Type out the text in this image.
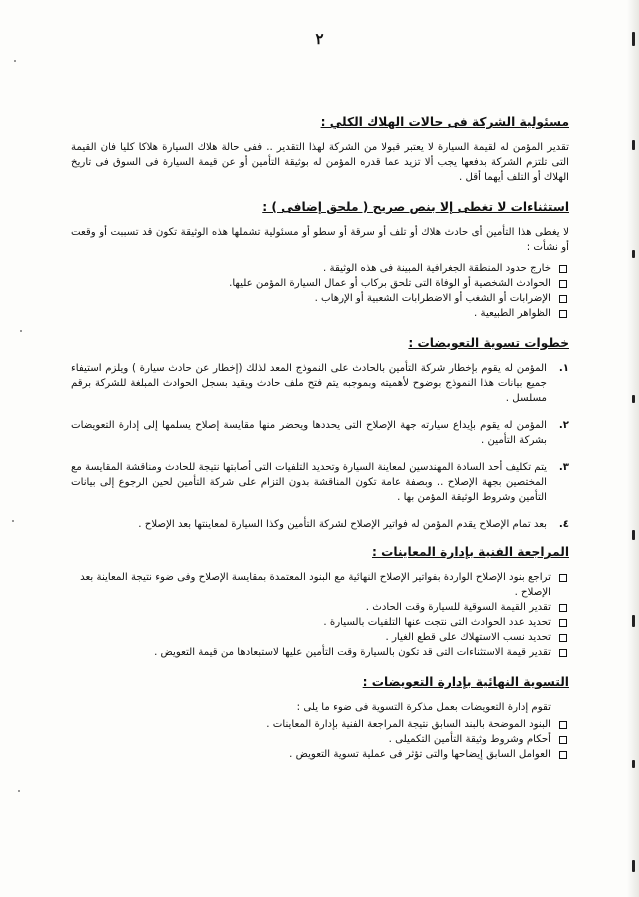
٢
مسئولية الشركة فى حالات الهلاك الكلي :

تقدير المؤمن له لقيمة السيارة لا يعتبر قبولا من الشركة لهذا التقدير .. ففى حالة هلاك السيارة هلاكا كليا فان القيمة التى تلتزم الشركة بدفعها يجب ألا تزيد عما قدره المؤمن له بوثيقة التأمين أو عن قيمة السيارة فى السوق فى تاريخ الهلاك أو التلف أيهما أقل .

استثناءات لا تغطى إلا بنص صريح ( ملحق إضافى ) :

لا يغطى هذا التأمين أى حادث هلاك أو تلف أو سرقة أو سطو أو مسئولية تشملها هذه الوثيقة تكون قد تسببت أو وقعت أو نشأت :

خارج حدود المنطقة الجغرافية المبينة فى هذه الوثيقة .
الحوادث الشخصية أو الوفاة التى تلحق بركاب أو عمال السيارة المؤمن عليها.
الإضرابات أو الشغب أو الاضطرابات الشعبية أو الإرهاب .
الظواهر الطبيعية .
خطوات تسوية التعويضات :
١.
المؤمن له يقوم بإخطار شركة التأمين بالحادث على النموذج المعد لذلك (إخطار عن حادث سيارة ) ويلزم استيفاء جميع بيانات هذا النموذج بوضوح لأهميته وبموجبه يتم فتح ملف حادث ويقيد بسجل الحوادث المبلغة للشركة برقم مسلسل .
٢.
المؤمن له يقوم بإيداع سيارته جهة الإصلاح التى يحددها ويحضر منها مقايسة إصلاح يسلمها إلى إدارة التعويضات بشركة التأمين .
٣.
يتم تكليف أحد السادة المهندسين لمعاينة السيارة وتحديد التلفيات التى أصابتها نتيجة للحادث ومناقشة المقايسة مع المختصين بجهة الإصلاح .. وبصفة عامة تكون المناقشة بدون التزام على شركة التأمين لحين الرجوع إلى بيانات التأمين وشروط الوثيقة المؤمن بها .
٤.
بعد تمام الإصلاح يقدم المؤمن له فواتير الإصلاح لشركة التأمين وكذا السيارة لمعاينتها بعد الإصلاح .
المراجعة الفنية بإدارة المعاينات :
تراجع بنود الإصلاح الواردة بفواتير الإصلاح النهائية مع البنود المعتمدة بمقايسة الإصلاح وفى ضوء نتيجة المعاينة بعد الإصلاح .
تقدير القيمة السوقية للسيارة وقت الحادث .
تحديد عدد الحوادث التى نتجت عنها التلفيات بالسيارة .
تحديد نسب الاستهلاك على قطع الغيار .
تقدير قيمة الاستثناءات التى قد تكون بالسيارة وقت التأمين عليها لاستبعادها من قيمة التعويض .
التسوية النهائية بإدارة التعويضات :

تقوم إدارة التعويضات بعمل مذكرة التسوية فى ضوء ما يلى :

البنود الموضحة بالبند السابق نتيجة المراجعة الفنية بإدارة المعاينات .
أحكام وشروط وثيقة التأمين التكميلى .
العوامل السابق إيضاحها والتى تؤثر فى عملية تسوية التعويض .
